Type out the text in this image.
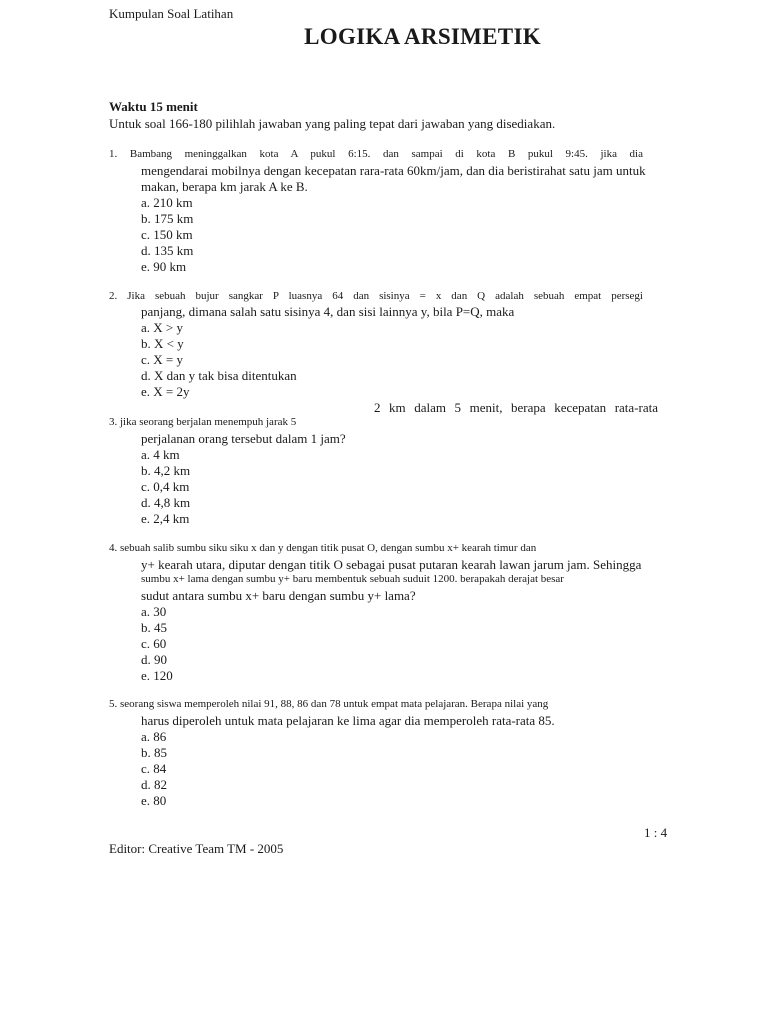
Kumpulan Soal Latihan
LOGIKA ARSIMETIK
Waktu 15 menit
Untuk soal 166-180 pilihlah jawaban yang paling tepat dari jawaban yang disediakan.
1. Bambang meninggalkan kota A pukul 6:15. dan sampai di kota B pukul 9:45. jika dia
mengendarai mobilnya dengan kecepatan rara-rata 60km/jam, dan dia beristirahat satu jam untuk
makan, berapa km jarak A ke B.
a. 210 km
b. 175 km
c. 150 km
d. 135 km
e. 90 km
2. Jika sebuah bujur sangkar P luasnya 64 dan sisinya = x dan Q adalah sebuah empat persegi
panjang, dimana salah satu sisinya 4, dan sisi lainnya y, bila P=Q, maka
a. X > y
b. X < y
c. X = y
d. X dan y tak bisa ditentukan
e. X = 2y
2 km dalam 5 menit, berapa kecepatan rata-rata
3. jika seorang berjalan menempuh jarak 5
perjalanan orang tersebut dalam 1 jam?
a. 4 km
b. 4,2 km
c. 0,4 km
d. 4,8 km
e. 2,4 km
4. sebuah salib sumbu siku siku x dan y dengan titik pusat O, dengan sumbu x+ kearah timur dan
y+ kearah utara, diputar dengan titik O sebagai pusat putaran kearah lawan jarum jam. Sehingga
sumbu x+ lama dengan sumbu y+ baru membentuk sebuah suduit 1200. berapakah derajat besar
sudut antara sumbu x+ baru dengan sumbu y+ lama?
a. 30
b. 45
c. 60
d. 90
e. 120
5. seorang siswa memperoleh nilai 91, 88, 86 dan 78 untuk empat mata pelajaran. Berapa nilai yang
harus diperoleh untuk mata pelajaran ke lima agar dia memperoleh rata-rata 85.
a. 86
b. 85
c. 84
d. 82
e. 80
1 : 4
Editor: Creative Team TM - 2005
